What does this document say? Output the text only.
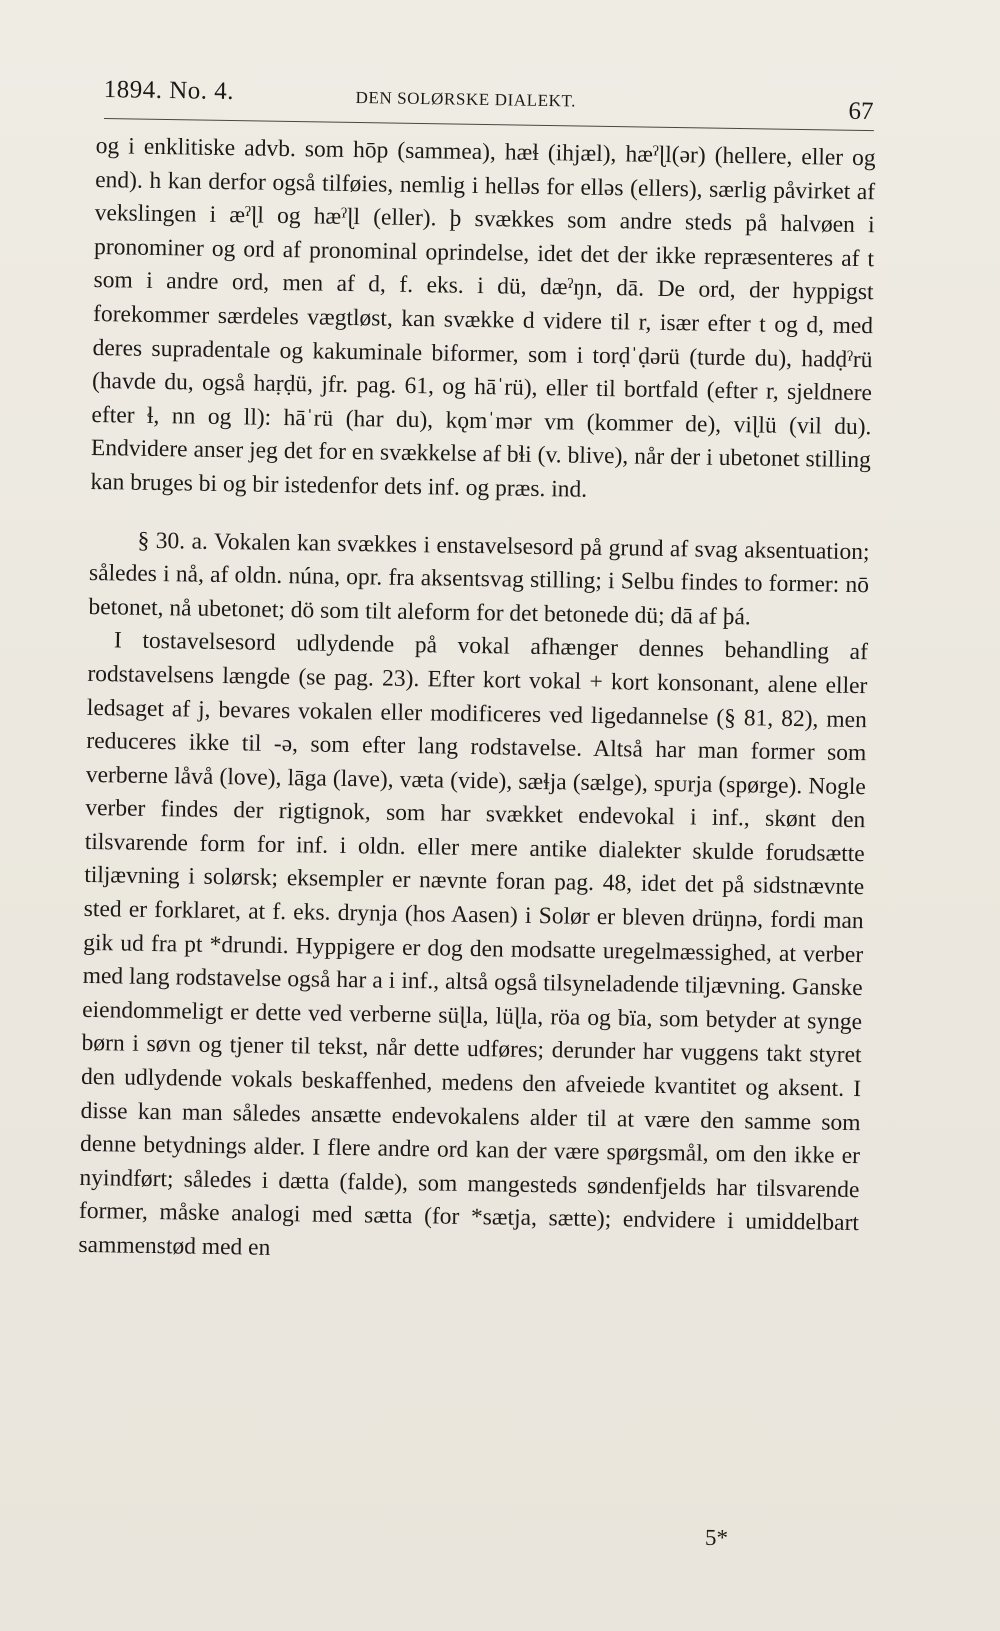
1894. No. 4.	DEN SOLØRSKE DIALEKT.	67

og i enklitiske advb. som hōp (sammea), hæɬ (ihjæl), hæˀɭl(ər) (hellere, eller og end). h kan derfor også tilføies, nemlig i helləs for elləs (ellers), særlig påvirket af vekslingen i æˀɭl og hæˀɭl (eller). þ svækkes som andre steds på halvøen i pronominer og ord af pronominal oprindelse, idet det der ikke repræsenteres af t som i andre ord, men af d, f. eks. i dü, dæˀŋn, dā. De ord, der hyppigst forekommer særdeles vægtløst, kan svække d videre til r, især efter t og d, med deres supradentale og kakuminale biformer, som i torḍˈḍərü (turde du), hadḍˀrü (havde du, også haṛḍü, jfr. pag. 61, og hāˈrü), eller til bortfald (efter r, sjeldnere efter ɬ, nn og ll): hāˈrü (har du), kǫmˈmər vm (kommer de), viɭlü (vil du). Endvidere anser jeg det for en svækkelse af bɬi (v. blive), når der i ubetonet stilling kan bruges bi og bir istedenfor dets inf. og præs. ind.

§ 30. a. Vokalen kan svækkes i enstavelsesord på grund af svag aksentuation; således i nå, af oldn. núna, opr. fra aksentsvag stilling; i Selbu findes to former: nō betonet, nå ubetonet; dö som tilt aleform for det betonede dü; dā af þá.

I tostavelsesord udlydende på vokal afhænger dennes behandling af rodstavelsens længde (se pag. 23). Efter kort vokal + kort konsonant, alene eller ledsaget af j, bevares vokalen eller modificeres ved ligedannelse (§ 81, 82), men reduceres ikke til -ə, som efter lang rodstavelse. Altså har man former som verberne låvå (love), lāga (lave), væta (vide), sæɬja (sælge), spᴜrja (spørge). Nogle verber findes der rigtignok, som har svækket endevokal i inf., skønt den tilsvarende form for inf. i oldn. eller mere antike dialekter skulde forudsætte tiljævning i solørsk; eksempler er nævnte foran pag. 48, idet det på sidstnævnte sted er forklaret, at f. eks. drynja (hos Aasen) i Solør er bleven drüŋnə, fordi man gik ud fra pt *drundi. Hyppigere er dog den modsatte uregelmæssighed, at verber med lang rodstavelse også har a i inf., altså også tilsyneladende tiljævning. Ganske eiendommeligt er dette ved verberne süɭla, lüɭla, röa og bïa, som betyder at synge børn i søvn og tjener til tekst, når dette udføres; derunder har vuggens takt styret den udlydende vokals beskaffenhed, medens den afveiede kvantitet og aksent. I disse kan man således ansætte endevokalens alder til at være den samme som denne betydnings alder. I flere andre ord kan der være spørgsmål, om den ikke er nyindført; således i dætta (falde), som mangesteds søndenfjelds har tilsvarende former, måske analogi med sætta (for *sætja, sætte); endvidere i umiddelbart sammenstød med en

5*
